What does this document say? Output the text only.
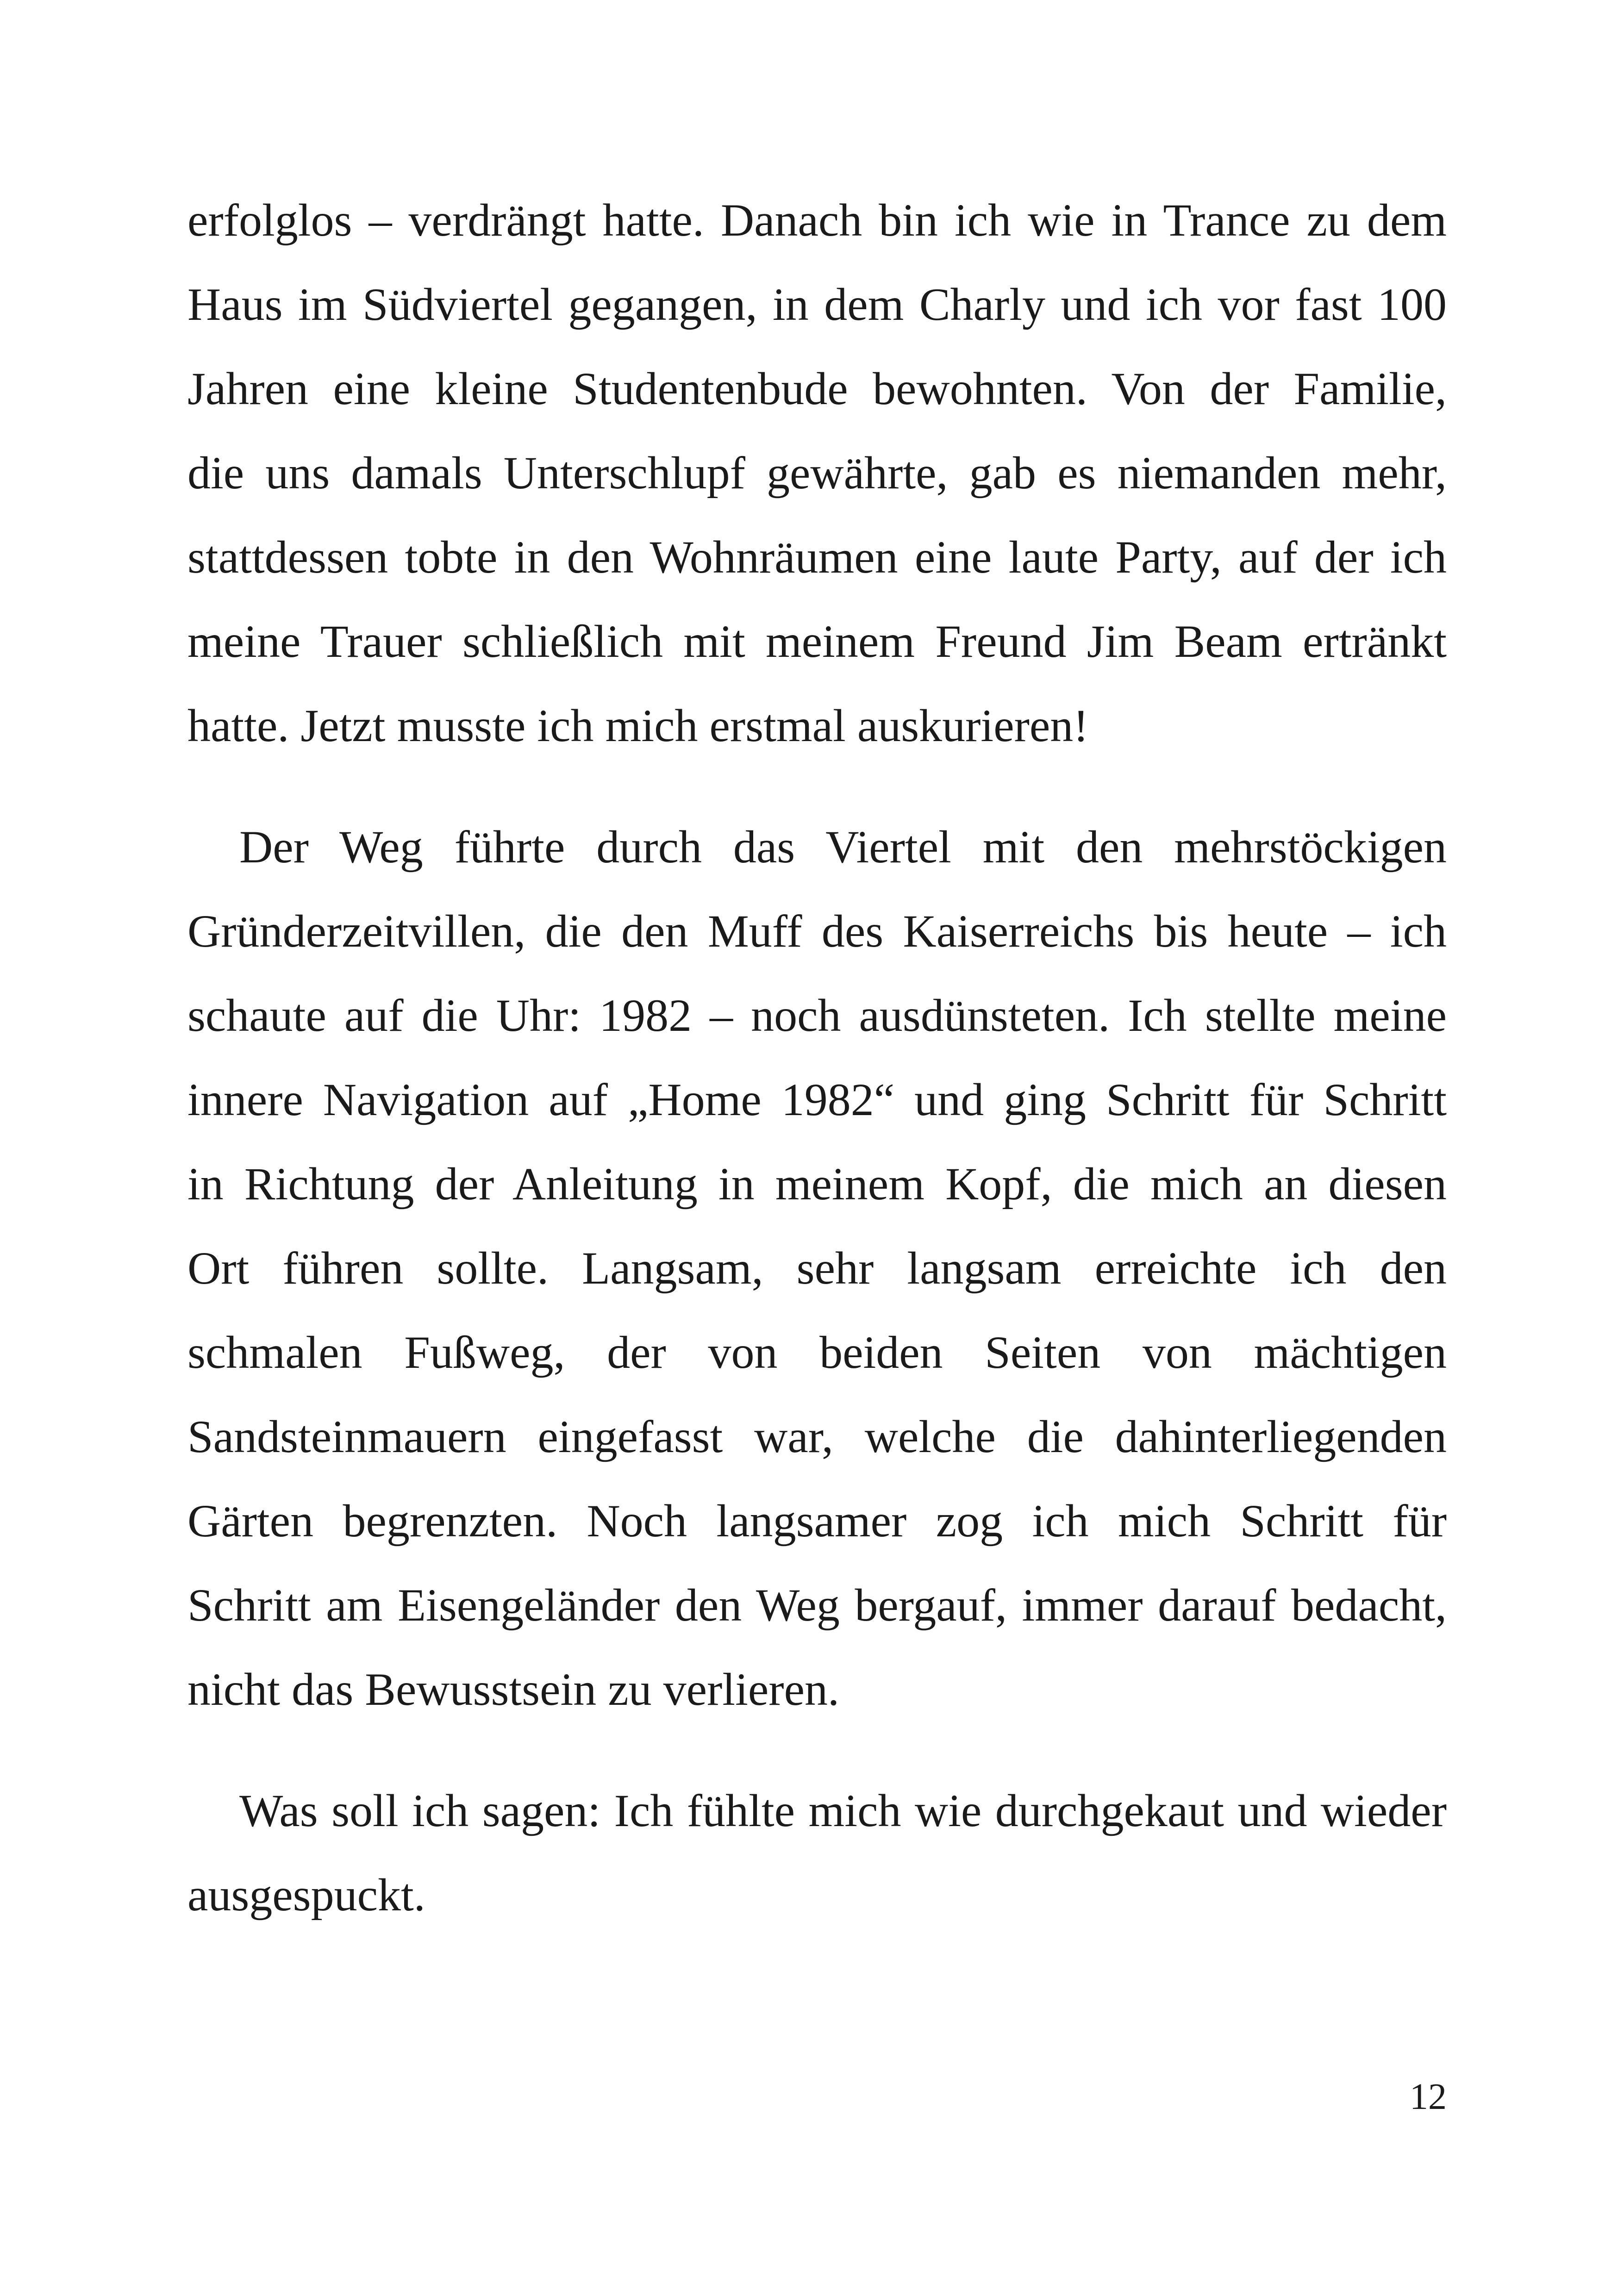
erfolglos – verdrängt hatte. Danach bin ich wie in Trance zu dem
Haus im Südviertel gegangen, in dem Charly und ich vor fast 100
Jahren eine kleine Studentenbude bewohnten. Von der Familie,
die uns damals Unterschlupf gewährte, gab es niemanden mehr,
stattdessen tobte in den Wohnräumen eine laute Party, auf der ich
meine Trauer schließlich mit meinem Freund Jim Beam ertränkt
hatte. Jetzt musste ich mich erstmal auskurieren!

Der Weg führte durch das Viertel mit den mehrstöckigen
Gründerzeitvillen, die den Muff des Kaiserreichs bis heute – ich
schaute auf die Uhr: 1982 – noch ausdünsteten. Ich stellte meine
innere Navigation auf „Home 1982“ und ging Schritt für Schritt
in Richtung der Anleitung in meinem Kopf, die mich an diesen
Ort führen sollte. Langsam, sehr langsam erreichte ich den
schmalen Fußweg, der von beiden Seiten von mächtigen
Sandsteinmauern eingefasst war, welche die dahinterliegenden
Gärten begrenzten. Noch langsamer zog ich mich Schritt für
Schritt am Eisengeländer den Weg bergauf, immer darauf bedacht,
nicht das Bewusstsein zu verlieren.

Was soll ich sagen: Ich fühlte mich wie durchgekaut und wieder
ausgespuckt.

12
